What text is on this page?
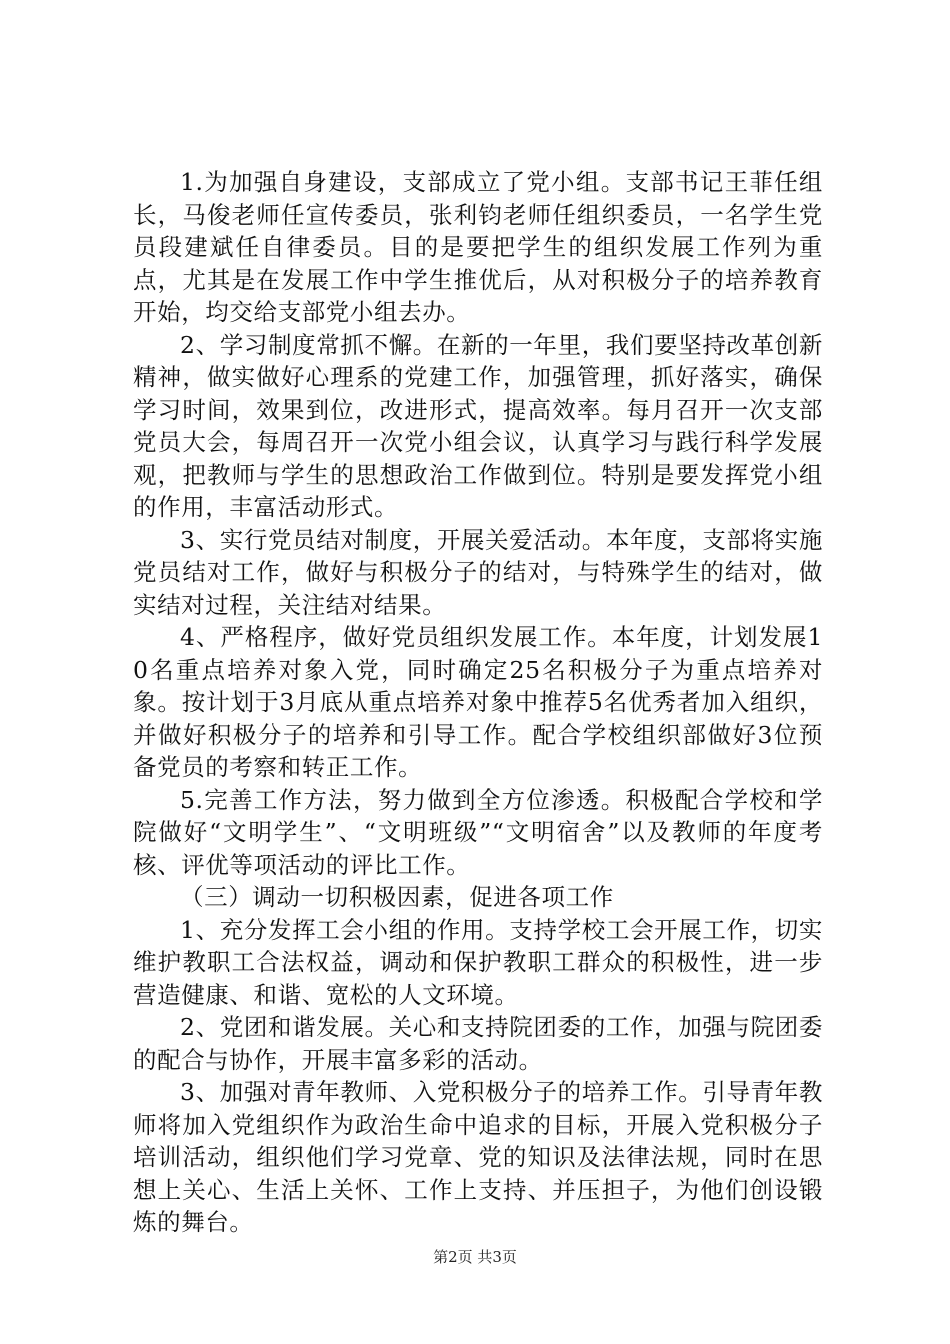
1.为加强自身建设，支部成立了党小组。支部书记王菲任组长，马俊老师任宣传委员，张利钧老师任组织委员，一名学生党员段建斌任自律委员。目的是要把学生的组织发展工作列为重点，尤其是在发展工作中学生推优后，从对积极分子的培养教育开始，均交给支部党小组去办。

2、学习制度常抓不懈。在新的一年里，我们要坚持改革创新精神，做实做好心理系的党建工作，加强管理，抓好落实，确保学习时间，效果到位，改进形式，提高效率。每月召开一次支部党员大会，每周召开一次党小组会议，认真学习与践行科学发展观，把教师与学生的思想政治工作做到位。特别是要发挥党小组的作用，丰富活动形式。

3、实行党员结对制度，开展关爱活动。本年度，支部将实施党员结对工作，做好与积极分子的结对，与特殊学生的结对，做实结对过程，关注结对结果。

4、严格程序，做好党员组织发展工作。本年度，计划发展10名重点培养对象入党，同时确定25名积极分子为重点培养对象。按计划于3月底从重点培养对象中推荐5名优秀者加入组织，并做好积极分子的培养和引导工作。配合学校组织部做好3位预备党员的考察和转正工作。

5.完善工作方法，努力做到全方位渗透。积极配合学校和学院做好“文明学生”、“文明班级”“文明宿舍”以及教师的年度考核、评优等项活动的评比工作。

（三）调动一切积极因素，促进各项工作

1、充分发挥工会小组的作用。支持学校工会开展工作，切实维护教职工合法权益，调动和保护教职工群众的积极性，进一步营造健康、和谐、宽松的人文环境。

2、党团和谐发展。关心和支持院团委的工作，加强与院团委的配合与协作，开展丰富多彩的活动。

3、加强对青年教师、入党积极分子的培养工作。引导青年教师将加入党组织作为政治生命中追求的目标，开展入党积极分子培训活动，组织他们学习党章、党的知识及法律法规，同时在思想上关心、生活上关怀、工作上支持、并压担子，为他们创设锻炼的舞台。

第2页 共3页
